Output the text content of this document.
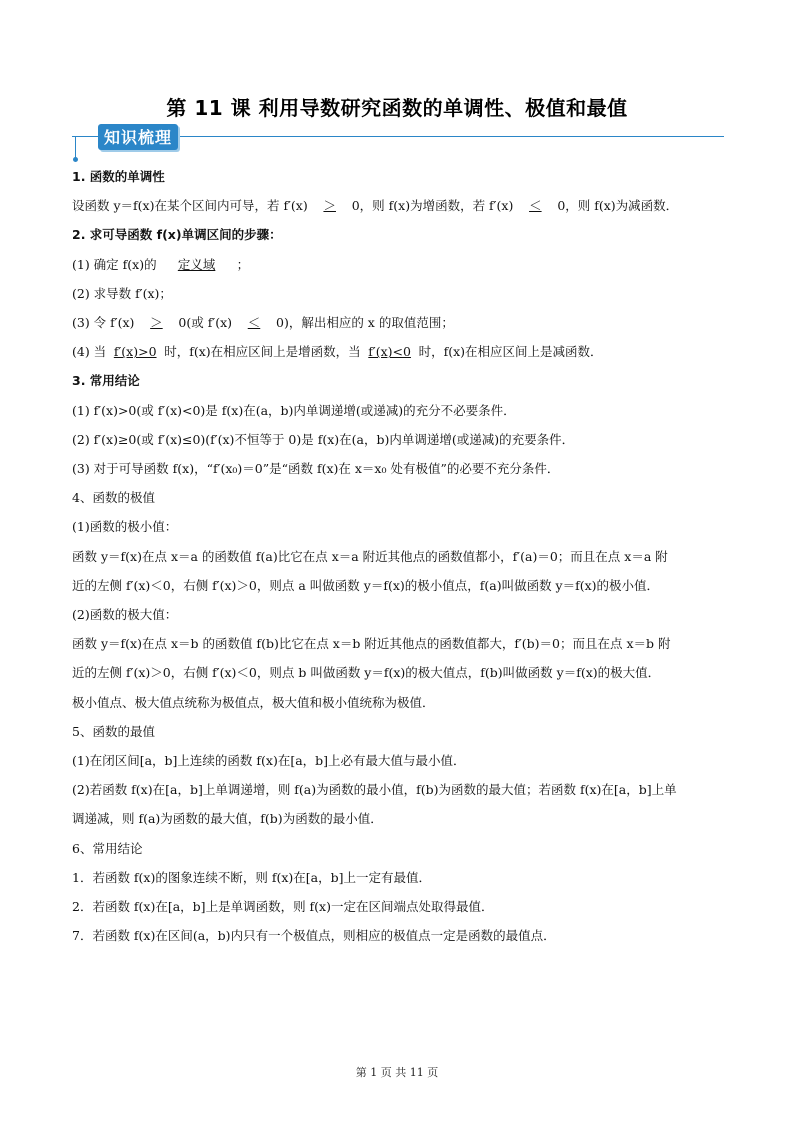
第 11 课 利用导数研究函数的单调性、极值和最值
知识梳理
1. 函数的单调性
设函数 y＝f(x)在某个区间内可导，若 f′(x) ＞ 0，则 f(x)为增函数，若 f′(x) ＜ 0，则 f(x)为减函数．
2. 求可导函数 f(x)单调区间的步骤：
(1) 确定 f(x)的 定义域 ；
(2) 求导数 f′(x)；
(3) 令 f′(x) ＞ 0(或 f′(x) ＜ 0)，解出相应的 x 的取值范围；
(4) 当 f′(x)>0 时，f(x)在相应区间上是增函数，当 f′(x)<0 时，f(x)在相应区间上是减函数．
3. 常用结论
(1) f′(x)>0(或 f′(x)<0)是 f(x)在(a，b)内单调递增(或递减)的充分不必要条件．
(2) f′(x)≥0(或 f′(x)≤0)(f′(x)不恒等于 0)是 f(x)在(a，b)内单调递增(或递减)的充要条件．
(3) 对于可导函数 f(x)，“f′(x₀)＝0”是“函数 f(x)在 x＝x₀ 处有极值”的必要不充分条件．
4、函数的极值
(1)函数的极小值：
函数 y＝f(x)在点 x＝a 的函数值 f(a)比它在点 x＝a 附近其他点的函数值都小，f′(a)＝0；而且在点 x＝a 附
近的左侧 f′(x)＜0，右侧 f′(x)＞0，则点 a 叫做函数 y＝f(x)的极小值点，f(a)叫做函数 y＝f(x)的极小值．
(2)函数的极大值：
函数 y＝f(x)在点 x＝b 的函数值 f(b)比它在点 x＝b 附近其他点的函数值都大，f′(b)＝0；而且在点 x＝b 附
近的左侧 f′(x)＞0，右侧 f′(x)＜0，则点 b 叫做函数 y＝f(x)的极大值点，f(b)叫做函数 y＝f(x)的极大值．
极小值点、极大值点统称为极值点，极大值和极小值统称为极值．
5、函数的最值
(1)在闭区间[a，b]上连续的函数 f(x)在[a，b]上必有最大值与最小值．
(2)若函数 f(x)在[a，b]上单调递增，则 f(a)为函数的最小值，f(b)为函数的最大值；若函数 f(x)在[a，b]上单
调递减，则 f(a)为函数的最大值，f(b)为函数的最小值．
6、常用结论
1．若函数 f(x)的图象连续不断，则 f(x)在[a，b]上一定有最值．
2．若函数 f(x)在[a，b]上是单调函数，则 f(x)一定在区间端点处取得最值．
7．若函数 f(x)在区间(a，b)内只有一个极值点，则相应的极值点一定是函数的最值点．
第 1 页 共 11 页
